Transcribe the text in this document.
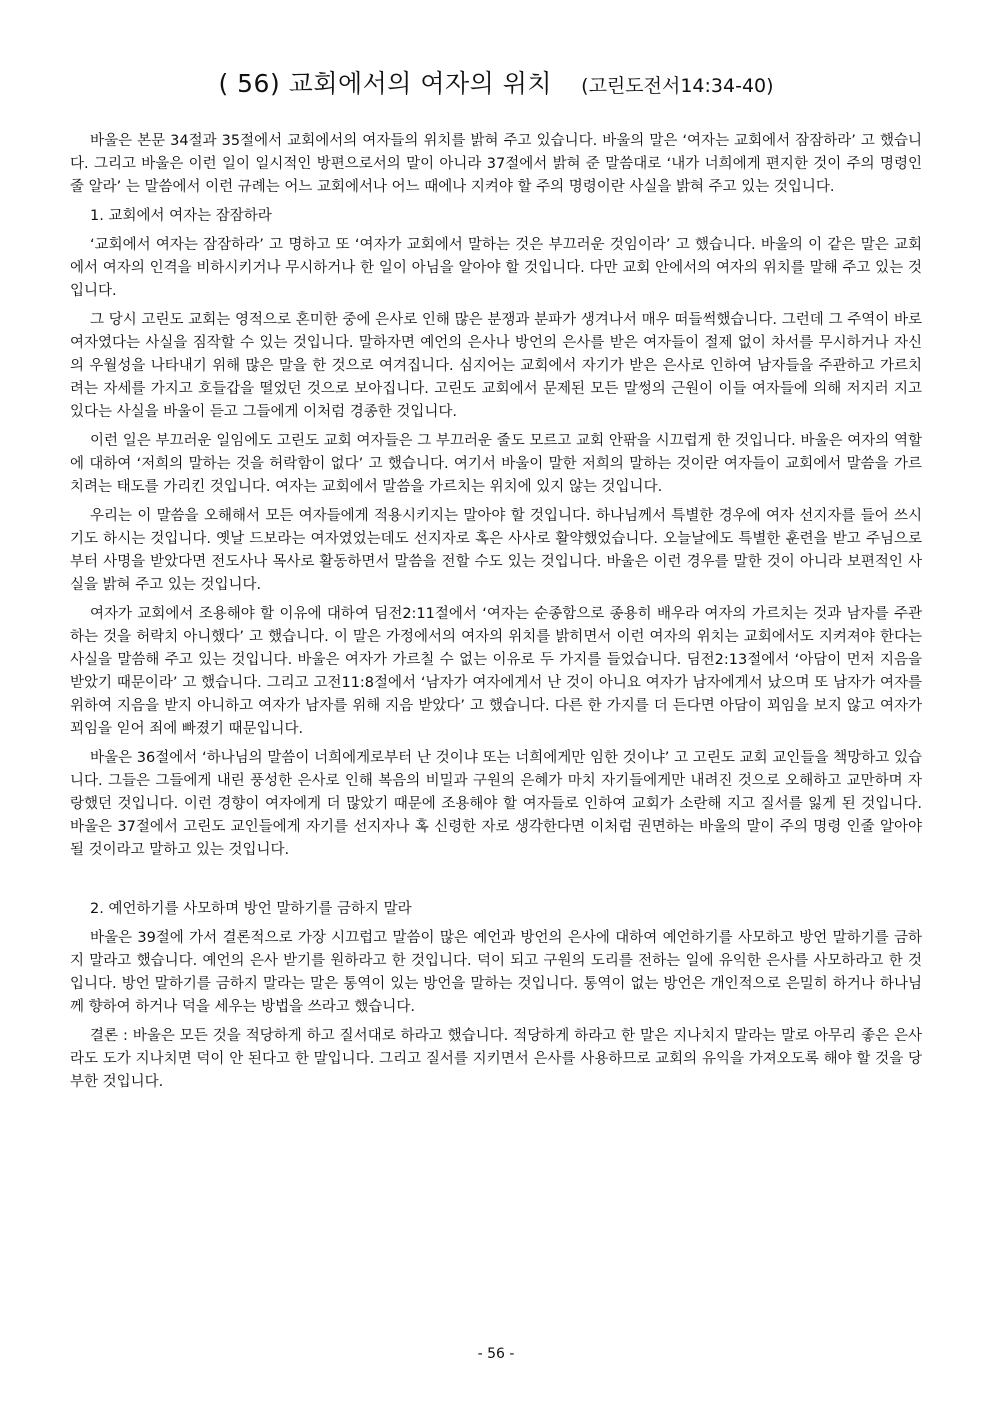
( 56) 교회에서의 여자의 위치 (고린도전서14:34-40)

바울은 본문 34절과 35절에서 교회에서의 여자들의 위치를 밝혀 주고 있습니다. 바울의 말은 ‘여자는 교회에서 잠잠하라’ 고 했습니다. 그리고 바울은 이런 일이 일시적인 방편으로서의 말이 아니라 37절에서 밝혀 준 말씀대로 ‘내가 너희에게 편지한 것이 주의 명령인줄 알라’ 는 말씀에서 이런 규례는 어느 교회에서나 어느 때에나 지켜야 할 주의 명령이란 사실을 밝혀 주고 있는 것입니다.

1. 교회에서 여자는 잠잠하라

‘교회에서 여자는 잠잠하라’ 고 명하고 또 ‘여자가 교회에서 말하는 것은 부끄러운 것임이라’ 고 했습니다. 바울의 이 같은 말은 교회에서 여자의 인격을 비하시키거나 무시하거나 한 일이 아님을 알아야 할 것입니다. 다만 교회 안에서의 여자의 위치를 말해 주고 있는 것입니다.

그 당시 고린도 교회는 영적으로 혼미한 중에 은사로 인해 많은 분쟁과 분파가 생겨나서 매우 떠들썩했습니다. 그런데 그 주역이 바로 여자였다는 사실을 짐작할 수 있는 것입니다. 말하자면 예언의 은사나 방언의 은사를 받은 여자들이 절제 없이 차서를 무시하거나 자신의 우월성을 나타내기 위해 많은 말을 한 것으로 여겨집니다. 심지어는 교회에서 자기가 받은 은사로 인하여 남자들을 주관하고 가르치려는 자세를 가지고 호들갑을 떨었던 것으로 보아집니다. 고린도 교회에서 문제된 모든 말썽의 근원이 이들 여자들에 의해 저지러 지고 있다는 사실을 바울이 듣고 그들에게 이처럼 경종한 것입니다.

이런 일은 부끄러운 일임에도 고린도 교회 여자들은 그 부끄러운 줄도 모르고 교회 안팎을 시끄럽게 한 것입니다. 바울은 여자의 역할에 대하여 ‘저희의 말하는 것을 허락함이 없다’ 고 했습니다. 여기서 바울이 말한 저희의 말하는 것이란 여자들이 교회에서 말씀을 가르치려는 태도를 가리킨 것입니다. 여자는 교회에서 말씀을 가르치는 위치에 있지 않는 것입니다.

우리는 이 말씀을 오해해서 모든 여자들에게 적용시키지는 말아야 할 것입니다. 하나님께서 특별한 경우에 여자 선지자를 들어 쓰시기도 하시는 것입니다. 옛날 드보라는 여자였었는데도 선지자로 혹은 사사로 활약했었습니다. 오늘날에도 특별한 훈련을 받고 주님으로부터 사명을 받았다면 전도사나 목사로 활동하면서 말씀을 전할 수도 있는 것입니다. 바울은 이런 경우를 말한 것이 아니라 보편적인 사실을 밝혀 주고 있는 것입니다.

여자가 교회에서 조용해야 할 이유에 대하여 딤전2:11절에서 ‘여자는 순종함으로 종용히 배우라 여자의 가르치는 것과 남자를 주관하는 것을 허락치 아니했다’ 고 했습니다. 이 말은 가정에서의 여자의 위치를 밝히면서 이런 여자의 위치는 교회에서도 지켜져야 한다는 사실을 말씀해 주고 있는 것입니다. 바울은 여자가 가르칠 수 없는 이유로 두 가지를 들었습니다. 딤전2:13절에서 ‘아담이 먼저 지음을 받았기 때문이라’ 고 했습니다. 그리고 고전11:8절에서 ‘남자가 여자에게서 난 것이 아니요 여자가 남자에게서 났으며 또 남자가 여자를 위하여 지음을 받지 아니하고 여자가 남자를 위해 지음 받았다’ 고 했습니다. 다른 한 가지를 더 든다면 아담이 꾀임을 보지 않고 여자가 꾀임을 읻어 죄에 빠졌기 때문입니다.

바울은 36절에서 ‘하나님의 말씀이 너희에게로부터 난 것이냐 또는 너희에게만 임한 것이냐’ 고 고린도 교회 교인들을 책망하고 있습니다. 그들은 그들에게 내린 풍성한 은사로 인해 복음의 비밀과 구원의 은혜가 마치 자기들에게만 내려진 것으로 오해하고 교만하며 자랑했던 것입니다. 이런 경향이 여자에게 더 많았기 때문에 조용해야 할 여자들로 인하여 교회가 소란해 지고 질서를 잃게 된 것입니다. 바울은 37절에서 고린도 교인들에게 자기를 선지자나 혹 신령한 자로 생각한다면 이처럼 권면하는 바울의 말이 주의 명령 인줄 알아야 될 것이라고 말하고 있는 것입니다.

2. 예언하기를 사모하며 방언 말하기를 금하지 말라

바울은 39절에 가서 결론적으로 가장 시끄럽고 말씀이 많은 예언과 방언의 은사에 대하여 예언하기를 사모하고 방언 말하기를 금하지 말라고 했습니다. 예언의 은사 받기를 원하라고 한 것입니다. 덕이 되고 구원의 도리를 전하는 일에 유익한 은사를 사모하라고 한 것입니다. 방언 말하기를 금하지 말라는 말은 통역이 있는 방언을 말하는 것입니다. 통역이 없는 방언은 개인적으로 은밀히 하거나 하나님께 향하여 하거나 덕을 세우는 방법을 쓰라고 했습니다.

결론 : 바울은 모든 것을 적당하게 하고 질서대로 하라고 했습니다. 적당하게 하라고 한 말은 지나치지 말라는 말로 아무리 좋은 은사라도 도가 지나치면 덕이 안 된다고 한 말입니다. 그리고 질서를 지키면서 은사를 사용하므로 교회의 유익을 가져오도록 해야 할 것을 당부한 것입니다.

- 56 -
